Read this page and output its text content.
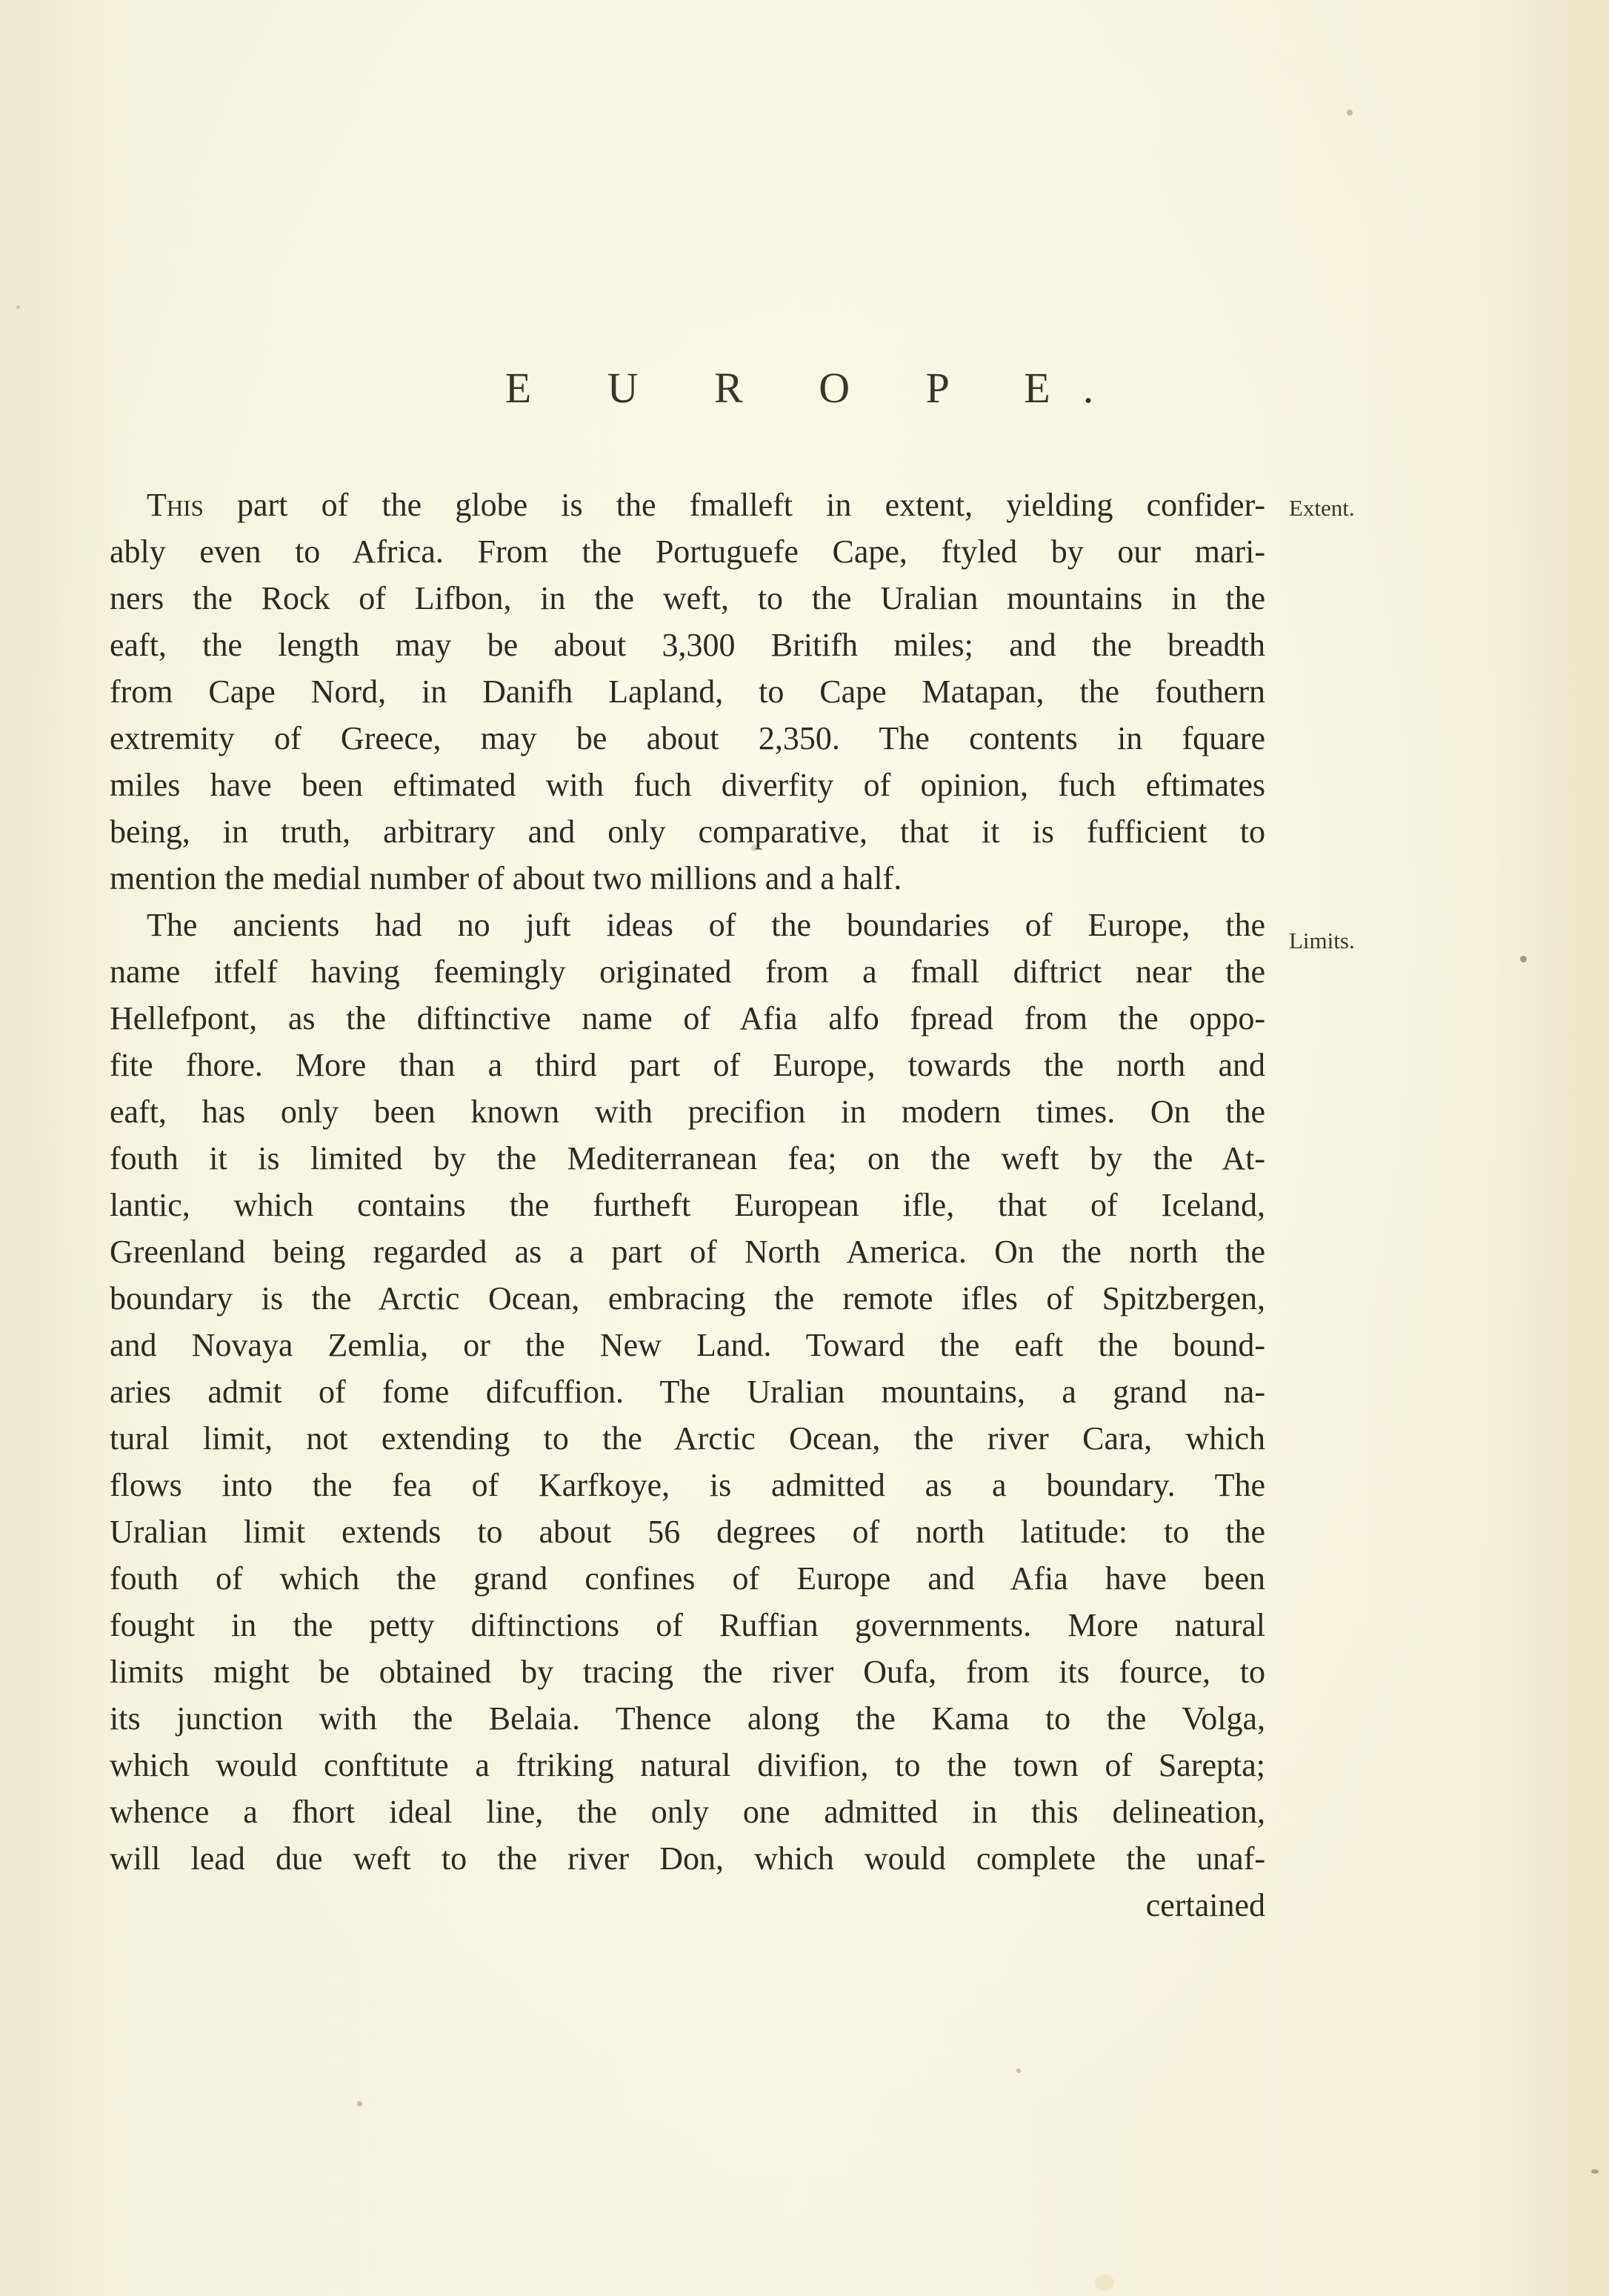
E U R O P E.
Extent.
Limits.
This part of the globe is the fmalleft in extent, yielding confider-
ably even to Africa. From the Portuguefe Cape, ftyled by our mari-
ners the Rock of Lifbon, in the weft, to the Uralian mountains in the
eaft, the length may be about 3,300 Britifh miles; and the breadth
from Cape Nord, in Danifh Lapland, to Cape Matapan, the fouthern
extremity of Greece, may be about 2,350. The contents in fquare
miles have been eftimated with fuch diverfity of opinion, fuch eftimates
being, in truth, arbitrary and only comparative, that it is fufficient to
mention the medial number of about two millions and a half.
The ancients had no juft ideas of the boundaries of Europe, the
name itfelf having feemingly originated from a fmall diftrict near the
Hellefpont, as the diftinctive name of Afia alfo fpread from the oppo-
fite fhore. More than a third part of Europe, towards the north and
eaft, has only been known with precifion in modern times. On the
fouth it is limited by the Mediterranean fea; on the weft by the At-
lantic, which contains the furtheft European ifle, that of Iceland,
Greenland being regarded as a part of North America. On the north the
boundary is the Arctic Ocean, embracing the remote ifles of Spitzbergen,
and Novaya Zemlia, or the New Land. Toward the eaft the bound-
aries admit of fome difcuffion. The Uralian mountains, a grand na-
tural limit, not extending to the Arctic Ocean, the river Cara, which
flows into the fea of Karfkoye, is admitted as a boundary. The
Uralian limit extends to about 56 degrees of north latitude: to the
fouth of which the grand confines of Europe and Afia have been
fought in the petty diftinctions of Ruffian governments. More natural
limits might be obtained by tracing the river Oufa, from its fource, to
its junction with the Belaia. Thence along the Kama to the Volga,
which would conftitute a ftriking natural divifion, to the town of Sarepta;
whence a fhort ideal line, the only one admitted in this delineation,
will lead due weft to the river Don, which would complete the unaf-
certained
